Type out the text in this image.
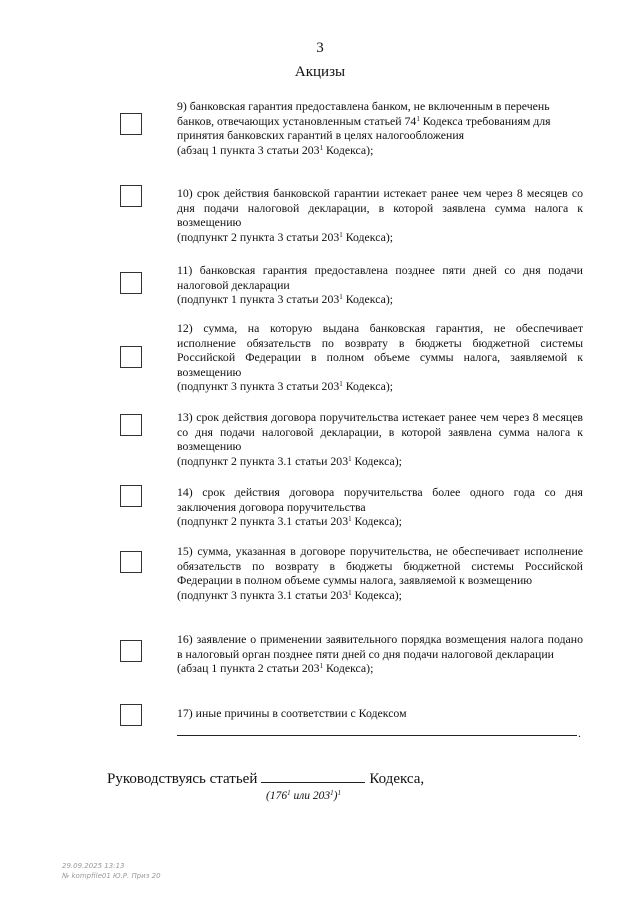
3
Акцизы
9) банковская гарантия предоставлена банком, не включенным в перечень банков, отвечающих установленным статьей $74^1$ Кодекса требованиям для принятия банковских гарантий в целях налогообложения
(абзац 1 пункта 3 статьи $203^1$ Кодекса);
10) срок действия банковской гарантии истекает ранее чем через 8 месяцев со дня подачи налоговой декларации, в которой заявлена сумма налога к возмещению
(подпункт 2 пункта 3 статьи $203^1$ Кодекса);
11) банковская гарантия предоставлена позднее пяти дней со дня подачи налоговой декларации
(подпункт 1 пункта 3 статьи $203^1$ Кодекса);
12) сумма, на которую выдана банковская гарантия, не обеспечивает исполнение обязательств по возврату в бюджеты бюджетной системы Российской Федерации в полном объеме суммы налога, заявляемой к возмещению
(подпункт 3 пункта 3 статьи $203^1$ Кодекса);
13) срок действия договора поручительства истекает ранее чем через 8 месяцев со дня подачи налоговой декларации, в которой заявлена сумма налога к возмещению
(подпункт 2 пункта 3.1 статьи $203^1$ Кодекса);
14) срок действия договора поручительства более одного года со дня заключения договора поручительства
(подпункт 2 пункта 3.1 статьи $203^1$ Кодекса);
15) сумма, указанная в договоре поручительства, не обеспечивает исполнение обязательств по возврату в бюджеты бюджетной системы Российской Федерации в полном объеме суммы налога, заявляемой к возмещению
(подпункт 3 пункта 3.1 статьи $203^1$ Кодекса);
16) заявление о применении заявительного порядка возмещения налога подано в налоговый орган позднее пяти дней со дня подачи налоговой декларации
(абзац 1 пункта 2 статьи $203^1$ Кодекса);
17) иные причины в соответствии с Кодексом
.
Руководствуясь статьей	Кодекса,
($176^1$ или $203^1)^1$
29.09.2025 13:13
№ kompfile01 Ю.Р. Приз 20
